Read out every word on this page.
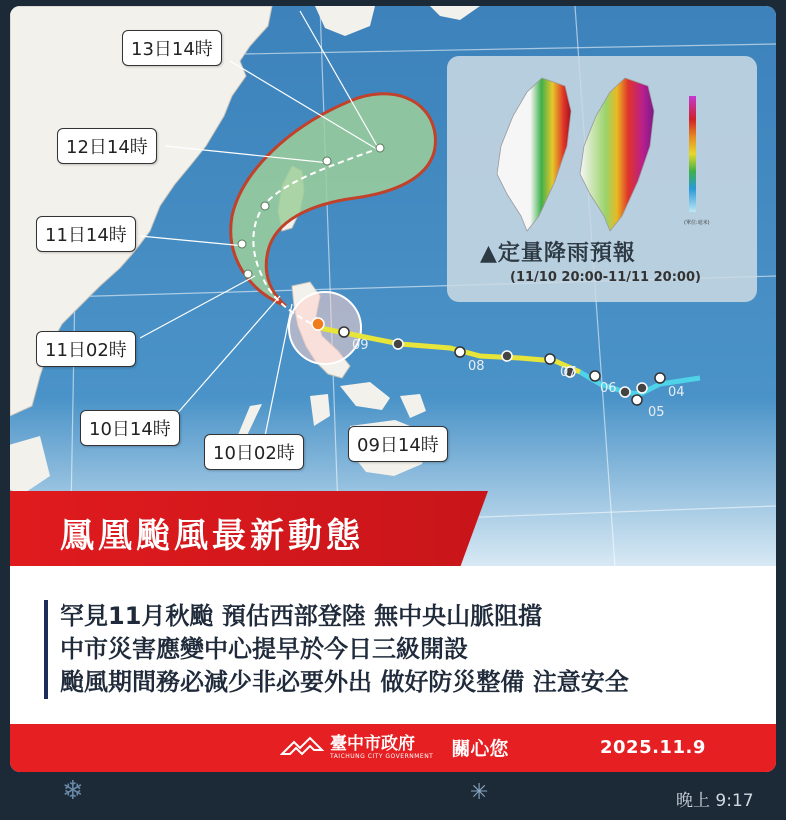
09
08	07
06
05
04
13日14時
12日14時
11日14時
11日02時
10日14時
10日02時	09日14時
(單位:毫米)
▲定量降雨預報
(11/10 20:00-11/11 20:00)
鳳凰颱風最新動態
罕見11月秋颱 預估西部登陸 無中央山脈阻擋
中市災害應變中心提早於今日三級開設
颱風期間務必減少非必要外出 做好防災整備 注意安全
臺中市政府
TAICHUNG CITY GOVERNMENT 關心您	2025.11.9
❄	✳	晚上 9:17
